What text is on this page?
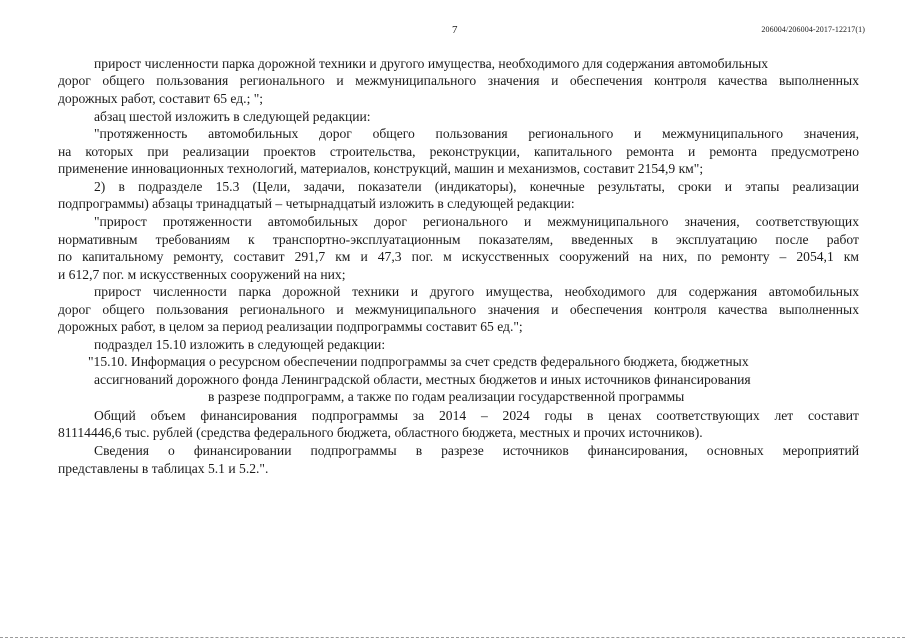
7	206004/206004-2017-12217(1)
прирост численности парка дорожной техники и другого имущества, необходимого для содержания автомобильных
дорог общего пользования регионального и межмуниципального значения и обеспечения контроля качества выполненных
дорожных работ, составит 65 ед.; ";
абзац шестой изложить в следующей редакции:
"протяженность автомобильных дорог общего пользования регионального и межмуниципального значения,
на которых при реализации проектов строительства, реконструкции, капитального ремонта и ремонта предусмотрено
применение инновационных технологий, материалов, конструкций, машин и механизмов, составит 2154,9 км";
2) в подразделе 15.3 (Цели, задачи, показатели (индикаторы), конечные результаты, сроки и этапы реализации
подпрограммы) абзацы тринадцатый – четырнадцатый изложить в следующей редакции:
"прирост протяженности автомобильных дорог регионального и межмуниципального значения, соответствующих
нормативным требованиям к транспортно-эксплуатационным показателям, введенных в эксплуатацию после работ
по капитальному ремонту, составит 291,7 км и 47,3 пог. м искусственных сооружений на них, по ремонту – 2054,1 км
и 612,7 пог. м искусственных сооружений на них;
прирост численности парка дорожной техники и другого имущества, необходимого для содержания автомобильных
дорог общего пользования регионального и межмуниципального значения и обеспечения контроля качества выполненных
дорожных работ, в целом за период реализации подпрограммы составит 65 ед.";
подраздел 15.10 изложить в следующей редакции:
"15.10. Информация о ресурсном обеспечении подпрограммы за счет средств федерального бюджета, бюджетных
ассигнований дорожного фонда Ленинградской области, местных бюджетов и иных источников финансирования
в разрезе подпрограмм, а также по годам реализации государственной программы
Общий объем финансирования подпрограммы за 2014 – 2024 годы в ценах соответствующих лет составит
81114446,6 тыс. рублей (средства федерального бюджета, областного бюджета, местных и прочих источников).
Сведения о финансировании подпрограммы в разрезе источников финансирования, основных мероприятий
представлены в таблицах 5.1 и 5.2.".
